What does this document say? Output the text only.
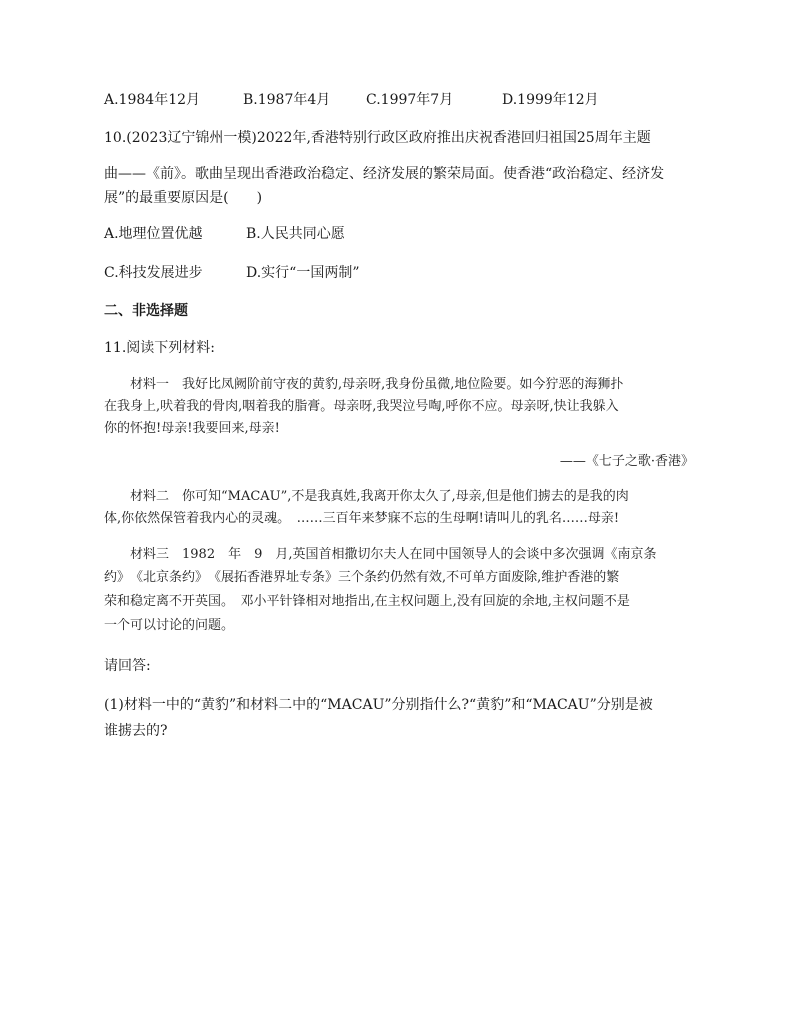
A.1984年12月	B.1987年4月	C.1997年7月	D.1999年12月
10.(2023辽宁锦州一模)2022年,香港特别行政区政府推出庆祝香港回归祖国25周年主题
曲——《前》。歌曲呈现出香港政治稳定、经济发展的繁荣局面。使香港“政治稳定、经济发
展”的最重要原因是(　　)
A.地理位置优越	B.人民共同心愿
C.科技发展进步	D.实行“一国两制”
二、非选择题
11.阅读下列材料:
材料一　我好比凤阙阶前守夜的黄豹,母亲呀,我身份虽微,地位险要。如今狞恶的海狮扑
在我身上,吠着我的骨肉,咽着我的脂膏。母亲呀,我哭泣号啕,呼你不应。母亲呀,快让我躲入
你的怀抱!母亲!我要回来,母亲!
——《七子之歌·香港》
材料二　你可知“MACAU”,不是我真姓,我离开你太久了,母亲,但是他们掳去的是我的肉
体,你依然保管着我内心的灵魂。　……三百年来梦寐不忘的生母啊!请叫儿的乳名……母亲!
材料三　1982　年　9　月,英国首相撒切尔夫人在同中国领导人的会谈中多次强调《南京条
约》　《北京条约》　《展拓香港界址专条》三个条约仍然有效,不可单方面废除,维护香港的繁
荣和稳定离不开英国。　邓小平针锋相对地指出,在主权问题上,没有回旋的余地,主权问题不是
一个可以讨论的问题。
请回答:
(1)材料一中的“黄豹”和材料二中的“MACAU”分别指什么?“黄豹”和“MACAU”分别是被
谁掳去的?
